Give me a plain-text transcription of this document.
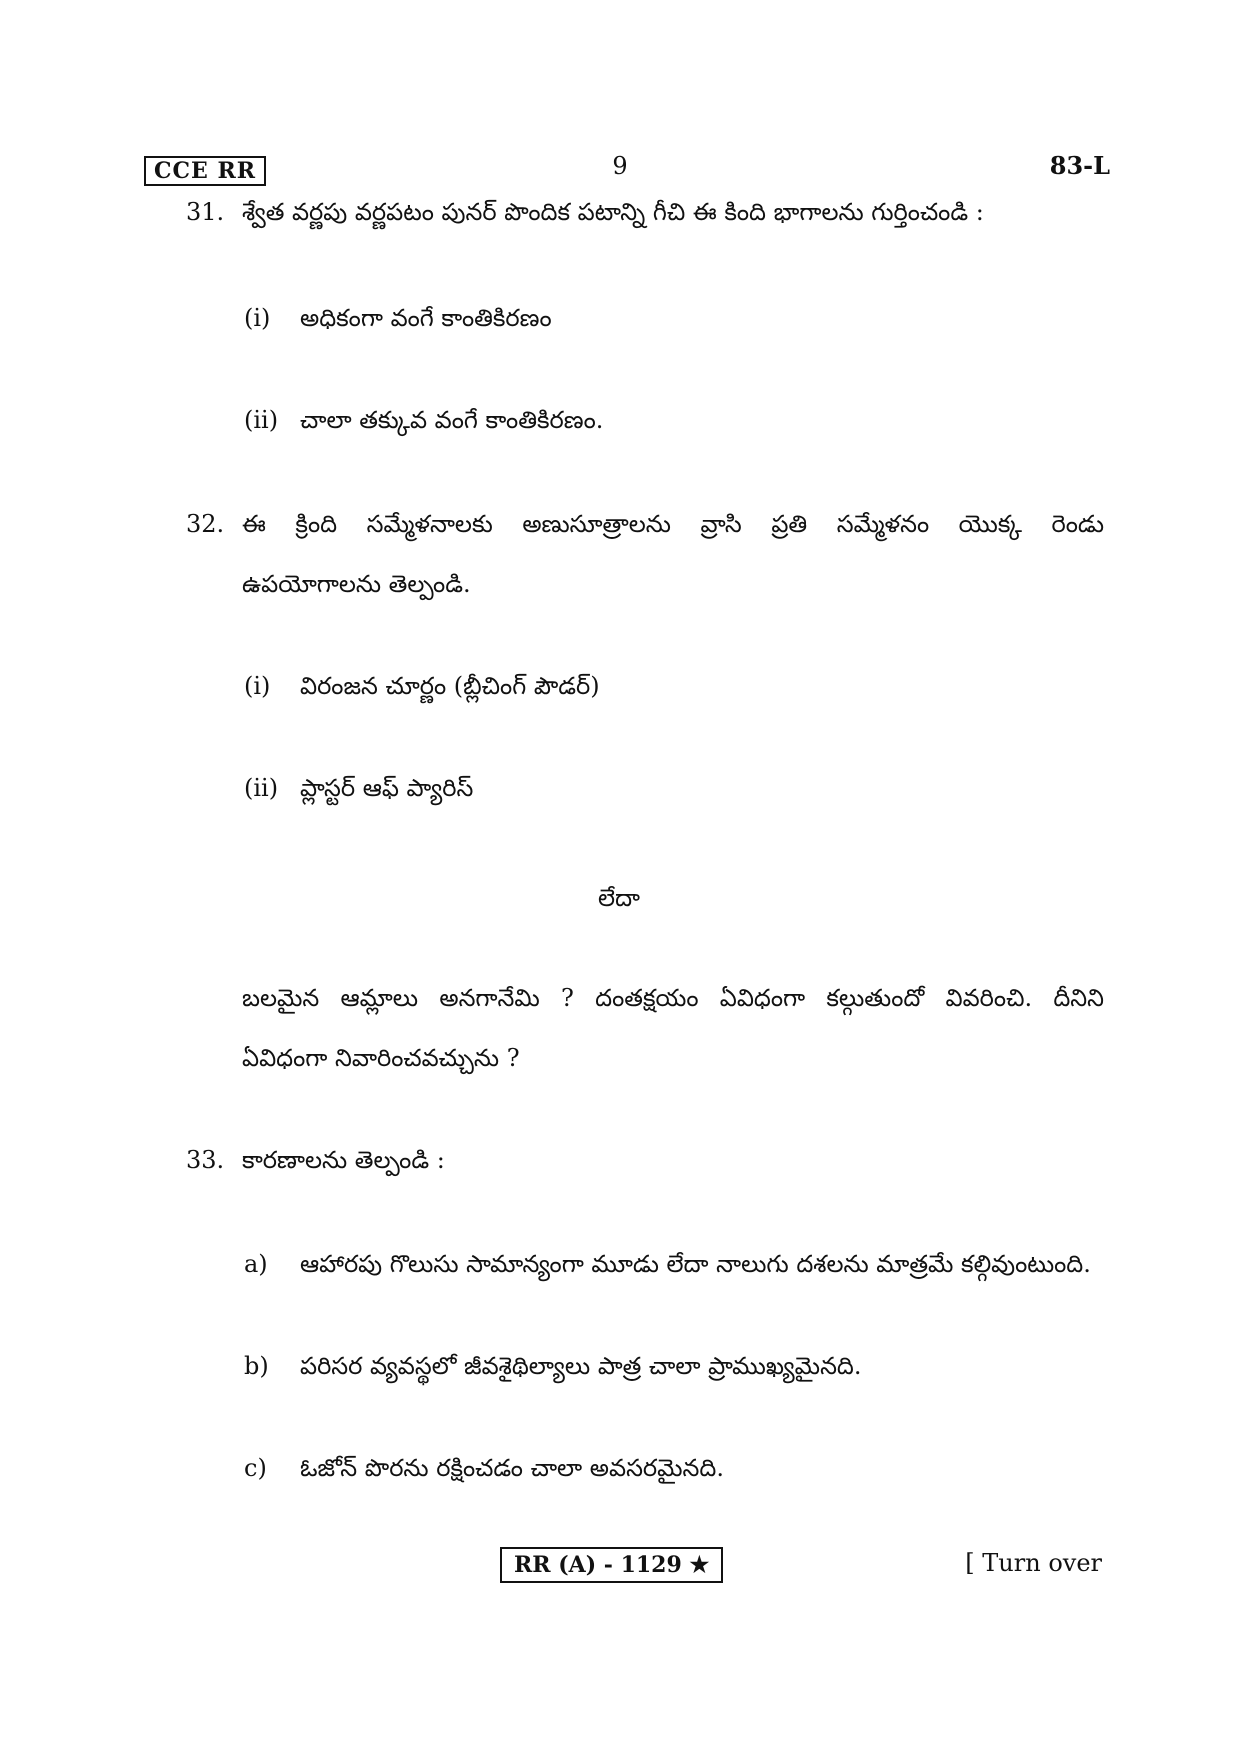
CCE RR	9	83-L
31. శ్వేత వర్ణపు వర్ణపటం పునర్ పొందిక పటాన్ని గీచి ఈ కింది భాగాలను గుర్తించండి :
(i)	అధికంగా వంగే కాంతికిరణం
(ii) చాలా తక్కువ వంగే కాంతికిరణం.
32. ఈ క్రింది సమ్మేళనాలకు అణుసూత్రాలను వ్రాసి ప్రతి సమ్మేళనం యొక్క రెండు
ఉపయోగాలను తెల్పండి.
(i)	విరంజన చూర్ణం (బ్లీచింగ్ పౌడర్)
(ii) ప్లాస్టర్ ఆఫ్ ప్యారిస్
లేదా
బలమైన ఆమ్లాలు అనగానేమి ? దంతక్షయం ఏవిధంగా కల్గుతుందో వివరించి. దీనిని
ఏవిధంగా నివారించవచ్చును ?
33. కారణాలను తెల్పండి :
a)	ఆహారపు గొలుసు సామాన్యంగా మూడు లేదా నాలుగు దశలను మాత్రమే కల్గివుంటుంది.
b)	పరిసర వ్యవస్థలో జీవశైథిల్యాలు పాత్ర చాలా ప్రాముఖ్యమైనది.
c)	ఓజోన్ పొరను రక్షించడం చాలా అవసరమైనది.
RR (A) - 1129 ★	[ Turn over
